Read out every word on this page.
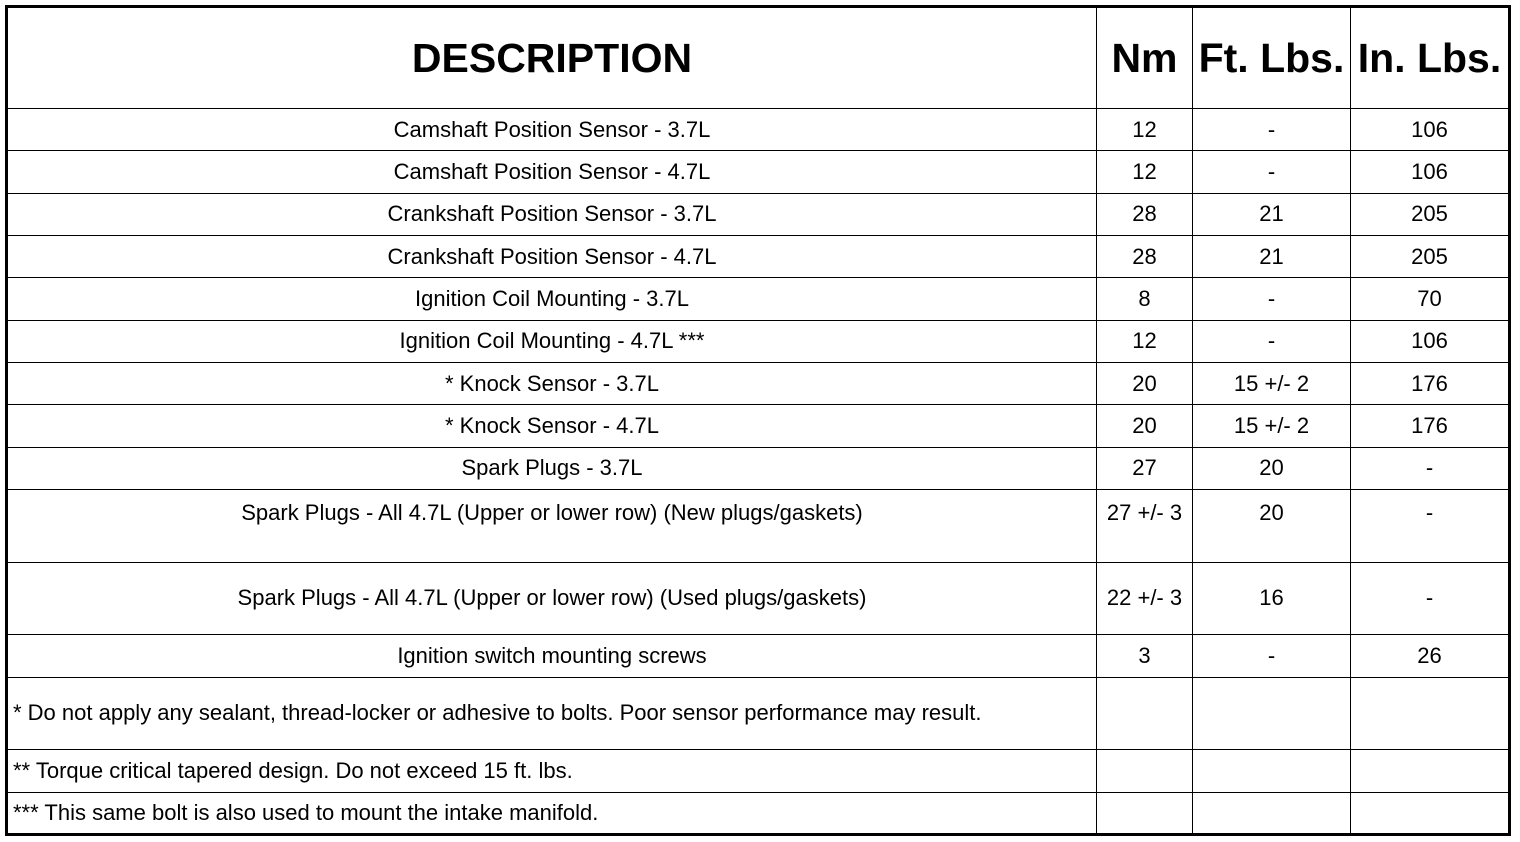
DESCRIPTION	Nm	Ft. Lbs.	In. Lbs.
Camshaft Position Sensor - 3.7L	12	-	106
Camshaft Position Sensor - 4.7L	12	-	106
Crankshaft Position Sensor - 3.7L	28	21	205
Crankshaft Position Sensor - 4.7L	28	21	205
Ignition Coil Mounting - 3.7L	8	-	70
Ignition Coil Mounting - 4.7L ***	12	-	106
* Knock Sensor - 3.7L	20	15 +/- 2	176
* Knock Sensor - 4.7L	20	15 +/- 2	176
Spark Plugs - 3.7L	27	20	-
Spark Plugs - All 4.7L (Upper or lower row) (New plugs/gaskets)	27 +/- 3	20	-
Spark Plugs - All 4.7L (Upper or lower row) (Used plugs/gaskets)	22 +/- 3	16	-
Ignition switch mounting screws	3	-	26
* Do not apply any sealant, thread-locker or adhesive to bolts. Poor sensor performance may result.			
** Torque critical tapered design. Do not exceed 15 ft. lbs.			
*** This same bolt is also used to mount the intake manifold.			
